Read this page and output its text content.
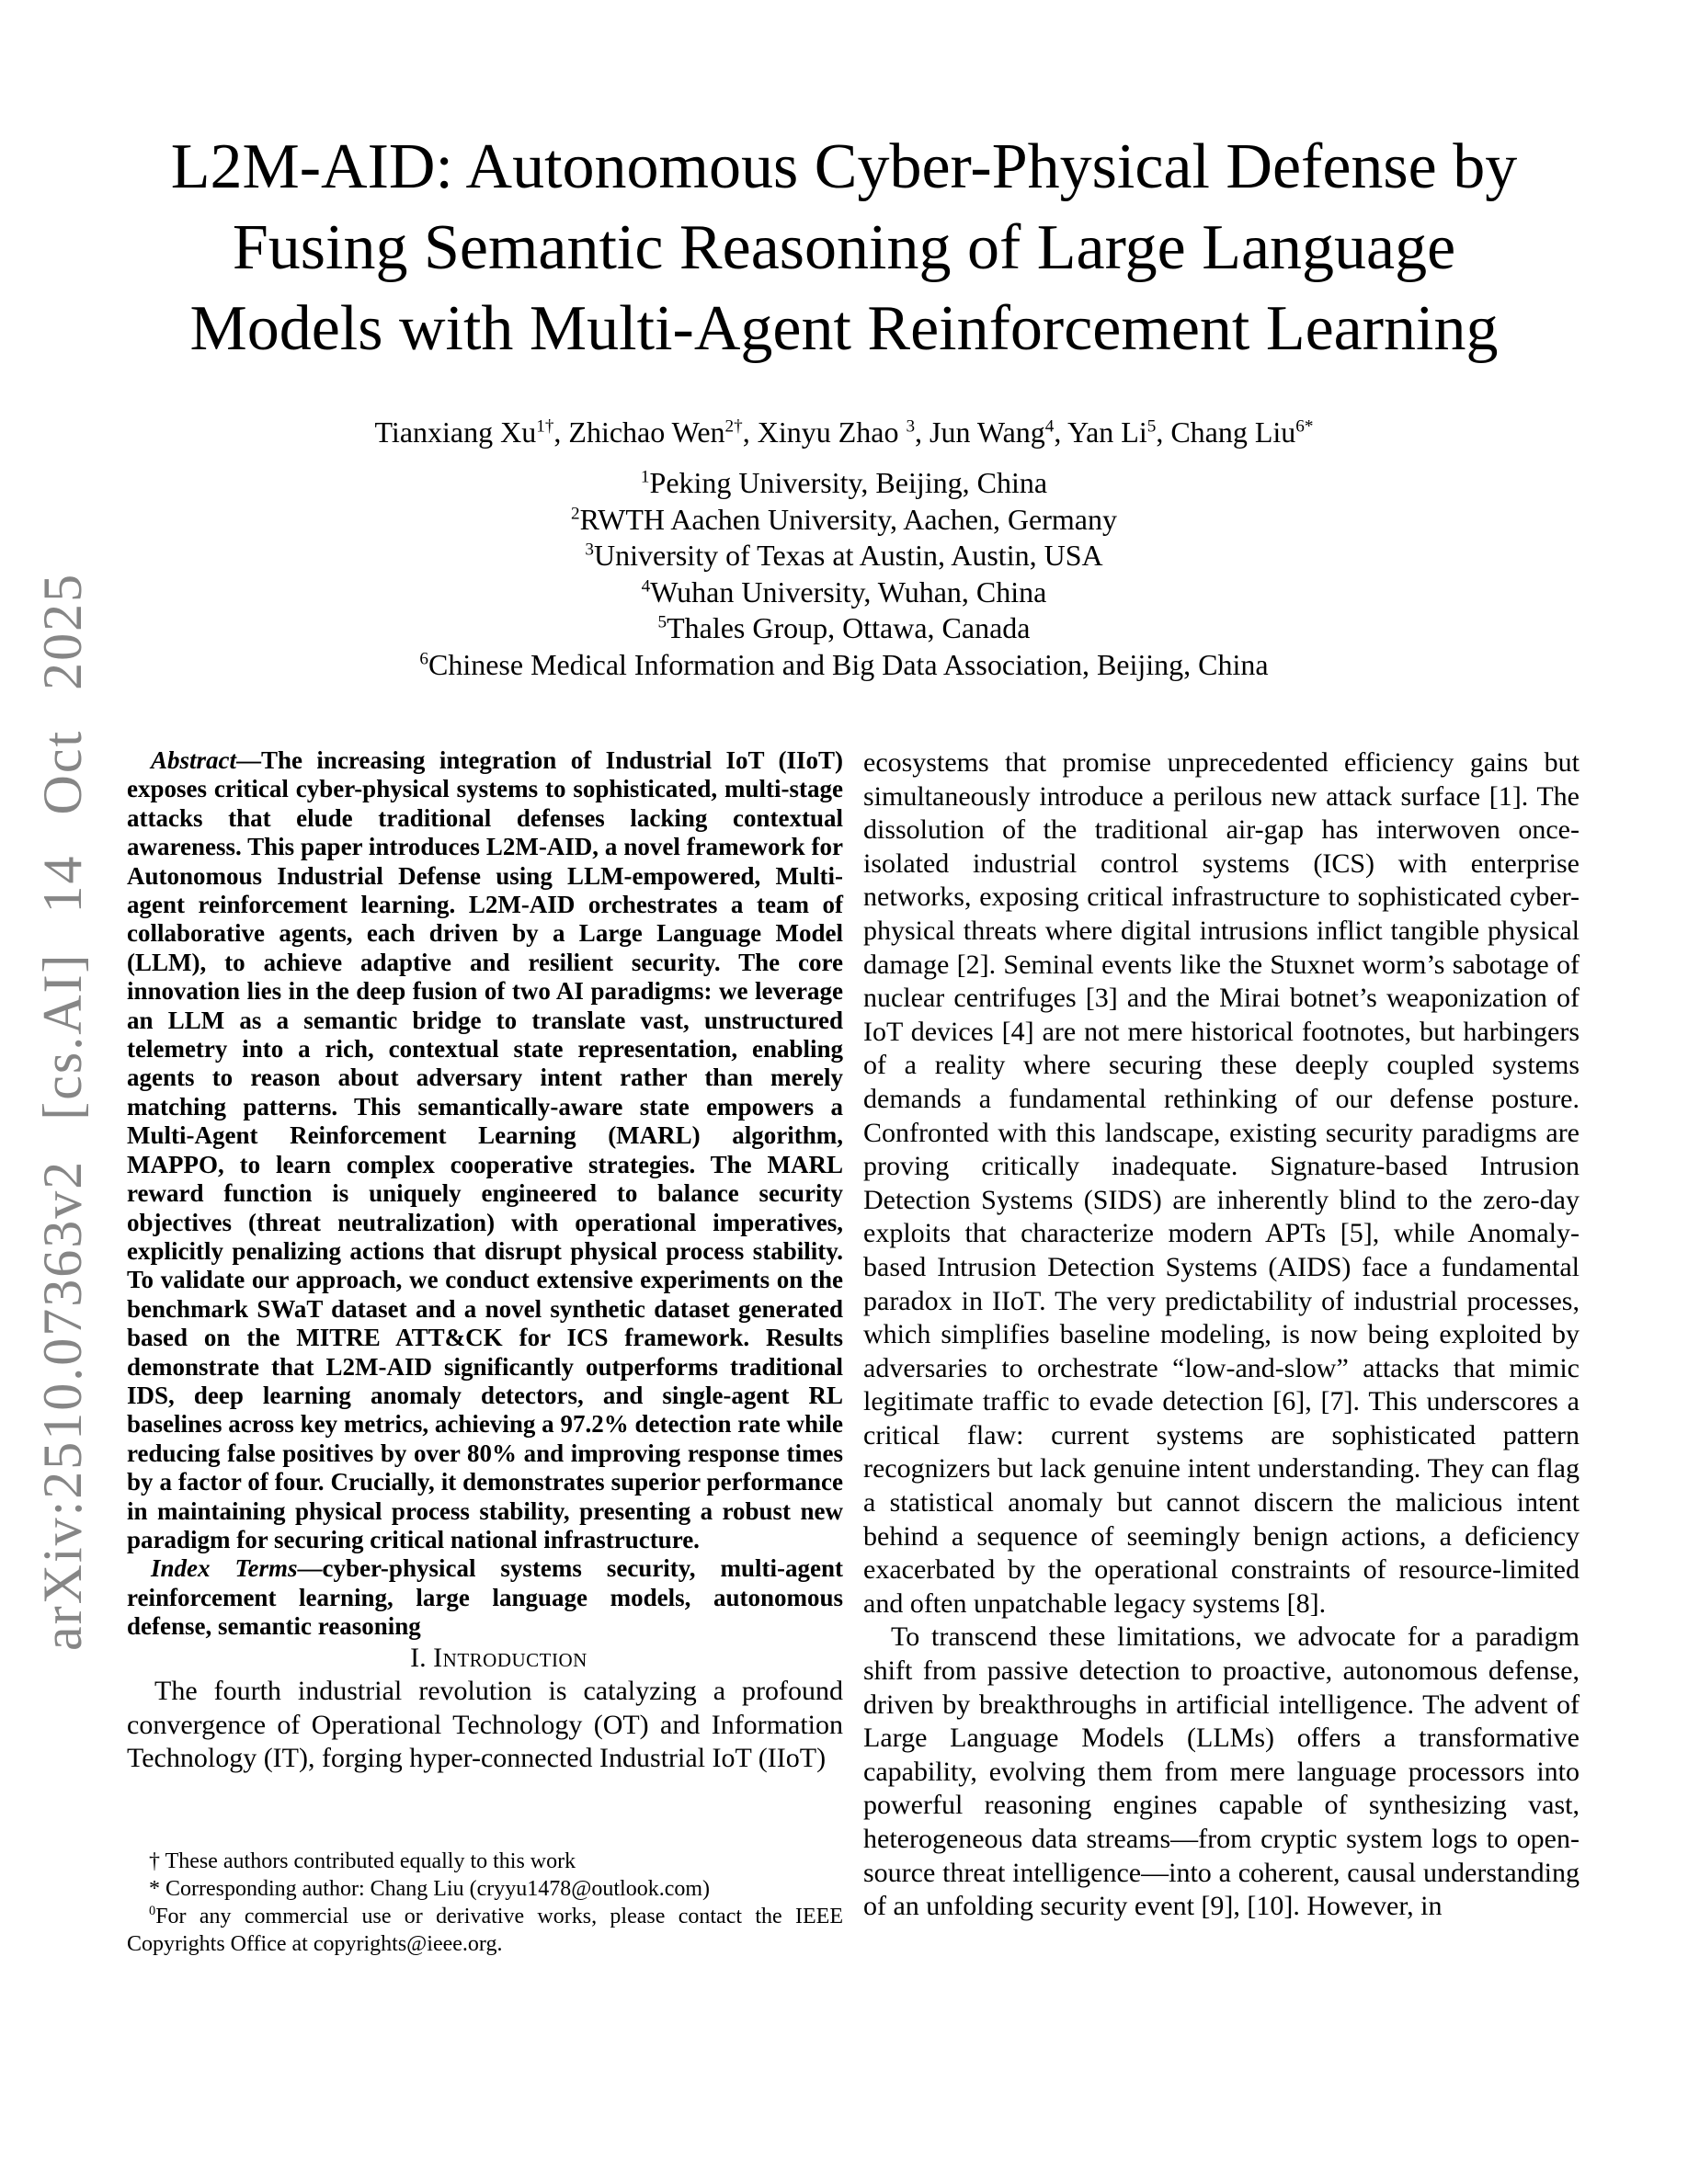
arXiv:2510.07363v2 [cs.AI] 14 Oct 2025
L2M-AID: Autonomous Cyber-Physical Defense by
Fusing Semantic Reasoning of Large Language
Models with Multi-Agent Reinforcement Learning
Tianxiang $Xu^{1\dagger}$, Zhichao Wen$^{2\dagger}$, Xinyu Zhao $^3$, Jun Wang$^4$, Yan Li$^5$, Chang Liu$^{6*}$
$^1$Peking University, Beijing, China
$^2$RWTH Aachen University, Aachen, Germany
$^3$University of Texas at Austin, Austin, USA
$^4$Wuhan University, Wuhan, China
$^5$Thales Group, Ottawa, Canada
$^6$Chinese Medical Information and Big Data Association, Beijing, China

Abstract—The increasing integration of Industrial IoT (IIoT) exposes critical cyber-physical systems to sophisticated, multi-stage attacks that elude traditional defenses lacking contextual awareness. This paper introduces L2M-AID, a novel framework for Autonomous Industrial Defense using LLM-empowered, Multi-agent reinforcement learning. L2M-AID orchestrates a team of collaborative agents, each driven by a Large Language Model (LLM), to achieve adaptive and resilient security. The core innovation lies in the deep fusion of two AI paradigms: we leverage an LLM as a semantic bridge to translate vast, unstructured telemetry into a rich, contextual state representation, enabling agents to reason about adversary intent rather than merely matching patterns. This semantically-aware state empowers a Multi-Agent Reinforcement Learning (MARL) algorithm, MAPPO, to learn complex cooperative strategies. The MARL reward function is uniquely engineered to balance security objectives (threat neutralization) with operational imperatives, explicitly penalizing actions that disrupt physical process stability. To validate our approach, we conduct extensive experiments on the benchmark SWaT dataset and a novel synthetic dataset generated based on the MITRE ATT&CK for ICS framework. Results demonstrate that L2M-AID significantly outperforms traditional IDS, deep learning anomaly detectors, and single-agent RL baselines across key metrics, achieving a 97.2% detection rate while reducing false positives by over 80% and improving response times by a factor of four. Crucially, it demonstrates superior performance in maintaining physical process stability, presenting a robust new paradigm for securing critical national infrastructure.

Index Terms—cyber-physical systems security, multi-agent reinforcement learning, large language models, autonomous defense, semantic reasoning

I. Introduction

The fourth industrial revolution is catalyzing a profound convergence of Operational Technology (OT) and Information Technology (IT), forging hyper-connected Industrial IoT (IIoT)

ecosystems that promise unprecedented efficiency gains but simultaneously introduce a perilous new attack surface [1]. The dissolution of the traditional air-gap has interwoven once-isolated industrial control systems (ICS) with enterprise networks, exposing critical infrastructure to sophisticated cyber-physical threats where digital intrusions inflict tangible physical damage [2]. Seminal events like the Stuxnet worm’s sabotage of nuclear centrifuges [3] and the Mirai botnet’s weaponization of IoT devices [4] are not mere historical footnotes, but harbingers of a reality where securing these deeply coupled systems demands a fundamental rethinking of our defense posture. Confronted with this landscape, existing security paradigms are proving critically inadequate. Signature-based Intrusion Detection Systems (SIDS) are inherently blind to the zero-day exploits that characterize modern APTs [5], while Anomaly-based Intrusion Detection Systems (AIDS) face a fundamental paradox in IIoT. The very predictability of industrial processes, which simplifies baseline modeling, is now being exploited by adversaries to orchestrate “low-and-slow” attacks that mimic legitimate traffic to evade detection [6], [7]. This underscores a critical flaw: current systems are sophisticated pattern recognizers but lack genuine intent understanding. They can flag a statistical anomaly but cannot discern the malicious intent behind a sequence of seemingly benign actions, a deficiency exacerbated by the operational constraints of resource-limited and often unpatchable legacy systems [8].

To transcend these limitations, we advocate for a paradigm shift from passive detection to proactive, autonomous defense, driven by breakthroughs in artificial intelligence. The advent of Large Language Models (LLMs) offers a transformative capability, evolving them from mere language processors into powerful reasoning engines capable of synthesizing vast, heterogeneous data streams—from cryptic system logs to open-source threat intelligence—into a coherent, causal understanding of an unfolding security event [9], [10]. However, in

† These authors contributed equally to this work

* Corresponding author: Chang Liu (cryyu1478@outlook.com)

$^0$For any commercial use or derivative works, please contact the IEEE Copyrights Office at copyrights@ieee.org.
